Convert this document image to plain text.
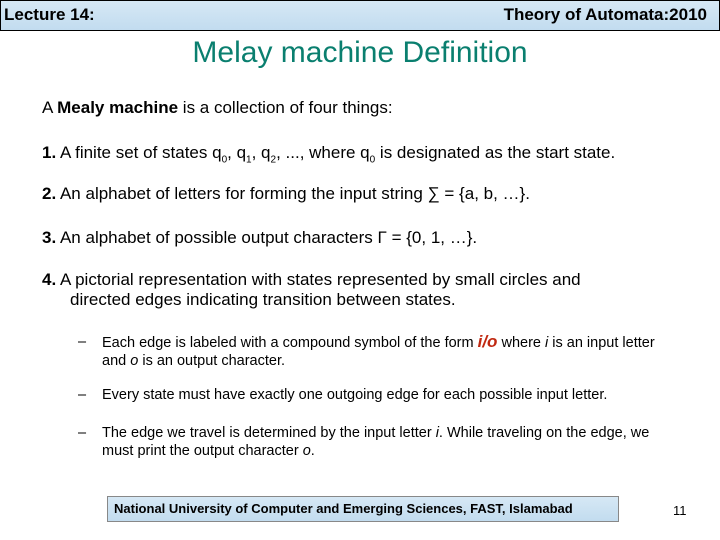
Lecture 14:	Theory of Automata:2010
Melay machine Definition
A Mealy machine is a collection of four things:
1. A finite set of states $q_0$, $q_1$, $q_2$, ..., where $q_0$ is designated as the start state.
2. An alphabet of letters for forming the input string ∑ = {a, b, …}.
3. An alphabet of possible output characters Γ = {0, 1, …}.
4. A pictorial representation with states represented by small circles and
directed edges indicating transition between states.
– Each edge is labeled with a compound symbol of the form i/o where i is an input letter and o is an output character.
– Every state must have exactly one outgoing edge for each possible input letter.
– The edge we travel is determined by the input letter i. While traveling on the edge, we must print the output character o.
National University of Computer and Emerging Sciences, FAST, Islamabad	11
